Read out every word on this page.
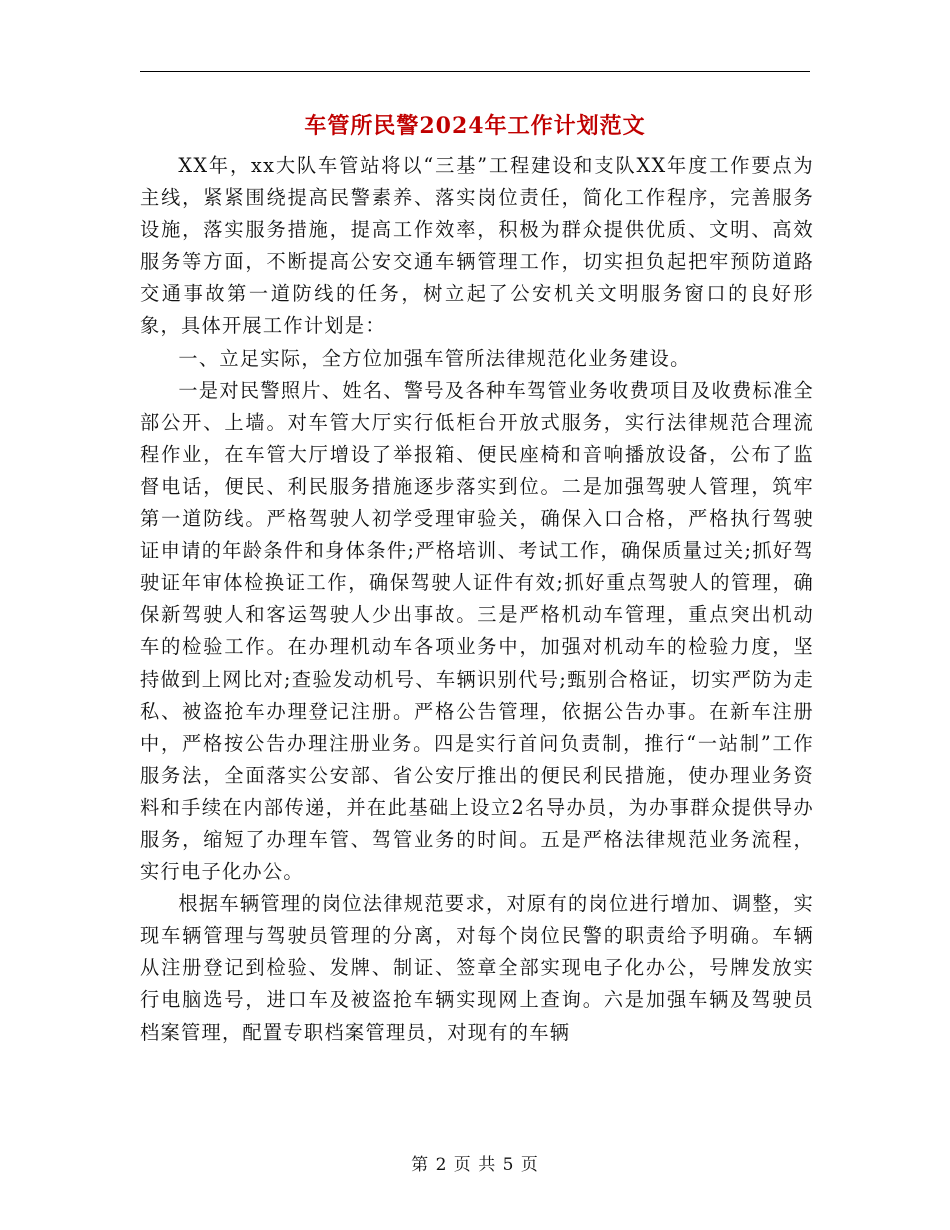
车管所民警2024年工作计划范文

XX年，xx大队车管站将以“三基”工程建设和支队XX年度工作要点为主线，紧紧围绕提高民警素养、落实岗位责任，简化工作程序，完善服务设施，落实服务措施，提高工作效率，积极为群众提供优质、文明、高效服务等方面，不断提高公安交通车辆管理工作，切实担负起把牢预防道路交通事故第一道防线的任务，树立起了公安机关文明服务窗口的良好形象，具体开展工作计划是：

一、立足实际，全方位加强车管所法律规范化业务建设。

一是对民警照片、姓名、警号及各种车驾管业务收费项目及收费标准全部公开、上墙。对车管大厅实行低柜台开放式服务，实行法律规范合理流程作业，在车管大厅增设了举报箱、便民座椅和音响播放设备，公布了监督电话，便民、利民服务措施逐步落实到位。二是加强驾驶人管理，筑牢第一道防线。严格驾驶人初学受理审验关，确保入口合格，严格执行驾驶证申请的年龄条件和身体条件;严格培训、考试工作，确保质量过关;抓好驾驶证年审体检换证工作，确保驾驶人证件有效;抓好重点驾驶人的管理，确保新驾驶人和客运驾驶人少出事故。三是严格机动车管理，重点突出机动车的检验工作。在办理机动车各项业务中，加强对机动车的检验力度，坚持做到上网比对;查验发动机号、车辆识别代号;甄别合格证，切实严防为走私、被盗抢车办理登记注册。严格公告管理，依据公告办事。在新车注册中，严格按公告办理注册业务。四是实行首问负责制，推行“一站制”工作服务法，全面落实公安部、省公安厅推出的便民利民措施，使办理业务资料和手续在内部传递，并在此基础上设立2名导办员，为办事群众提供导办服务，缩短了办理车管、驾管业务的时间。五是严格法律规范业务流程，实行电子化办公。

根据车辆管理的岗位法律规范要求，对原有的岗位进行增加、调整，实现车辆管理与驾驶员管理的分离，对每个岗位民警的职责给予明确。车辆从注册登记到检验、发牌、制证、签章全部实现电子化办公，号牌发放实行电脑选号，进口车及被盗抢车辆实现网上查询。六是加强车辆及驾驶员档案管理，配置专职档案管理员，对现有的车辆

第 2 页 共 5 页
